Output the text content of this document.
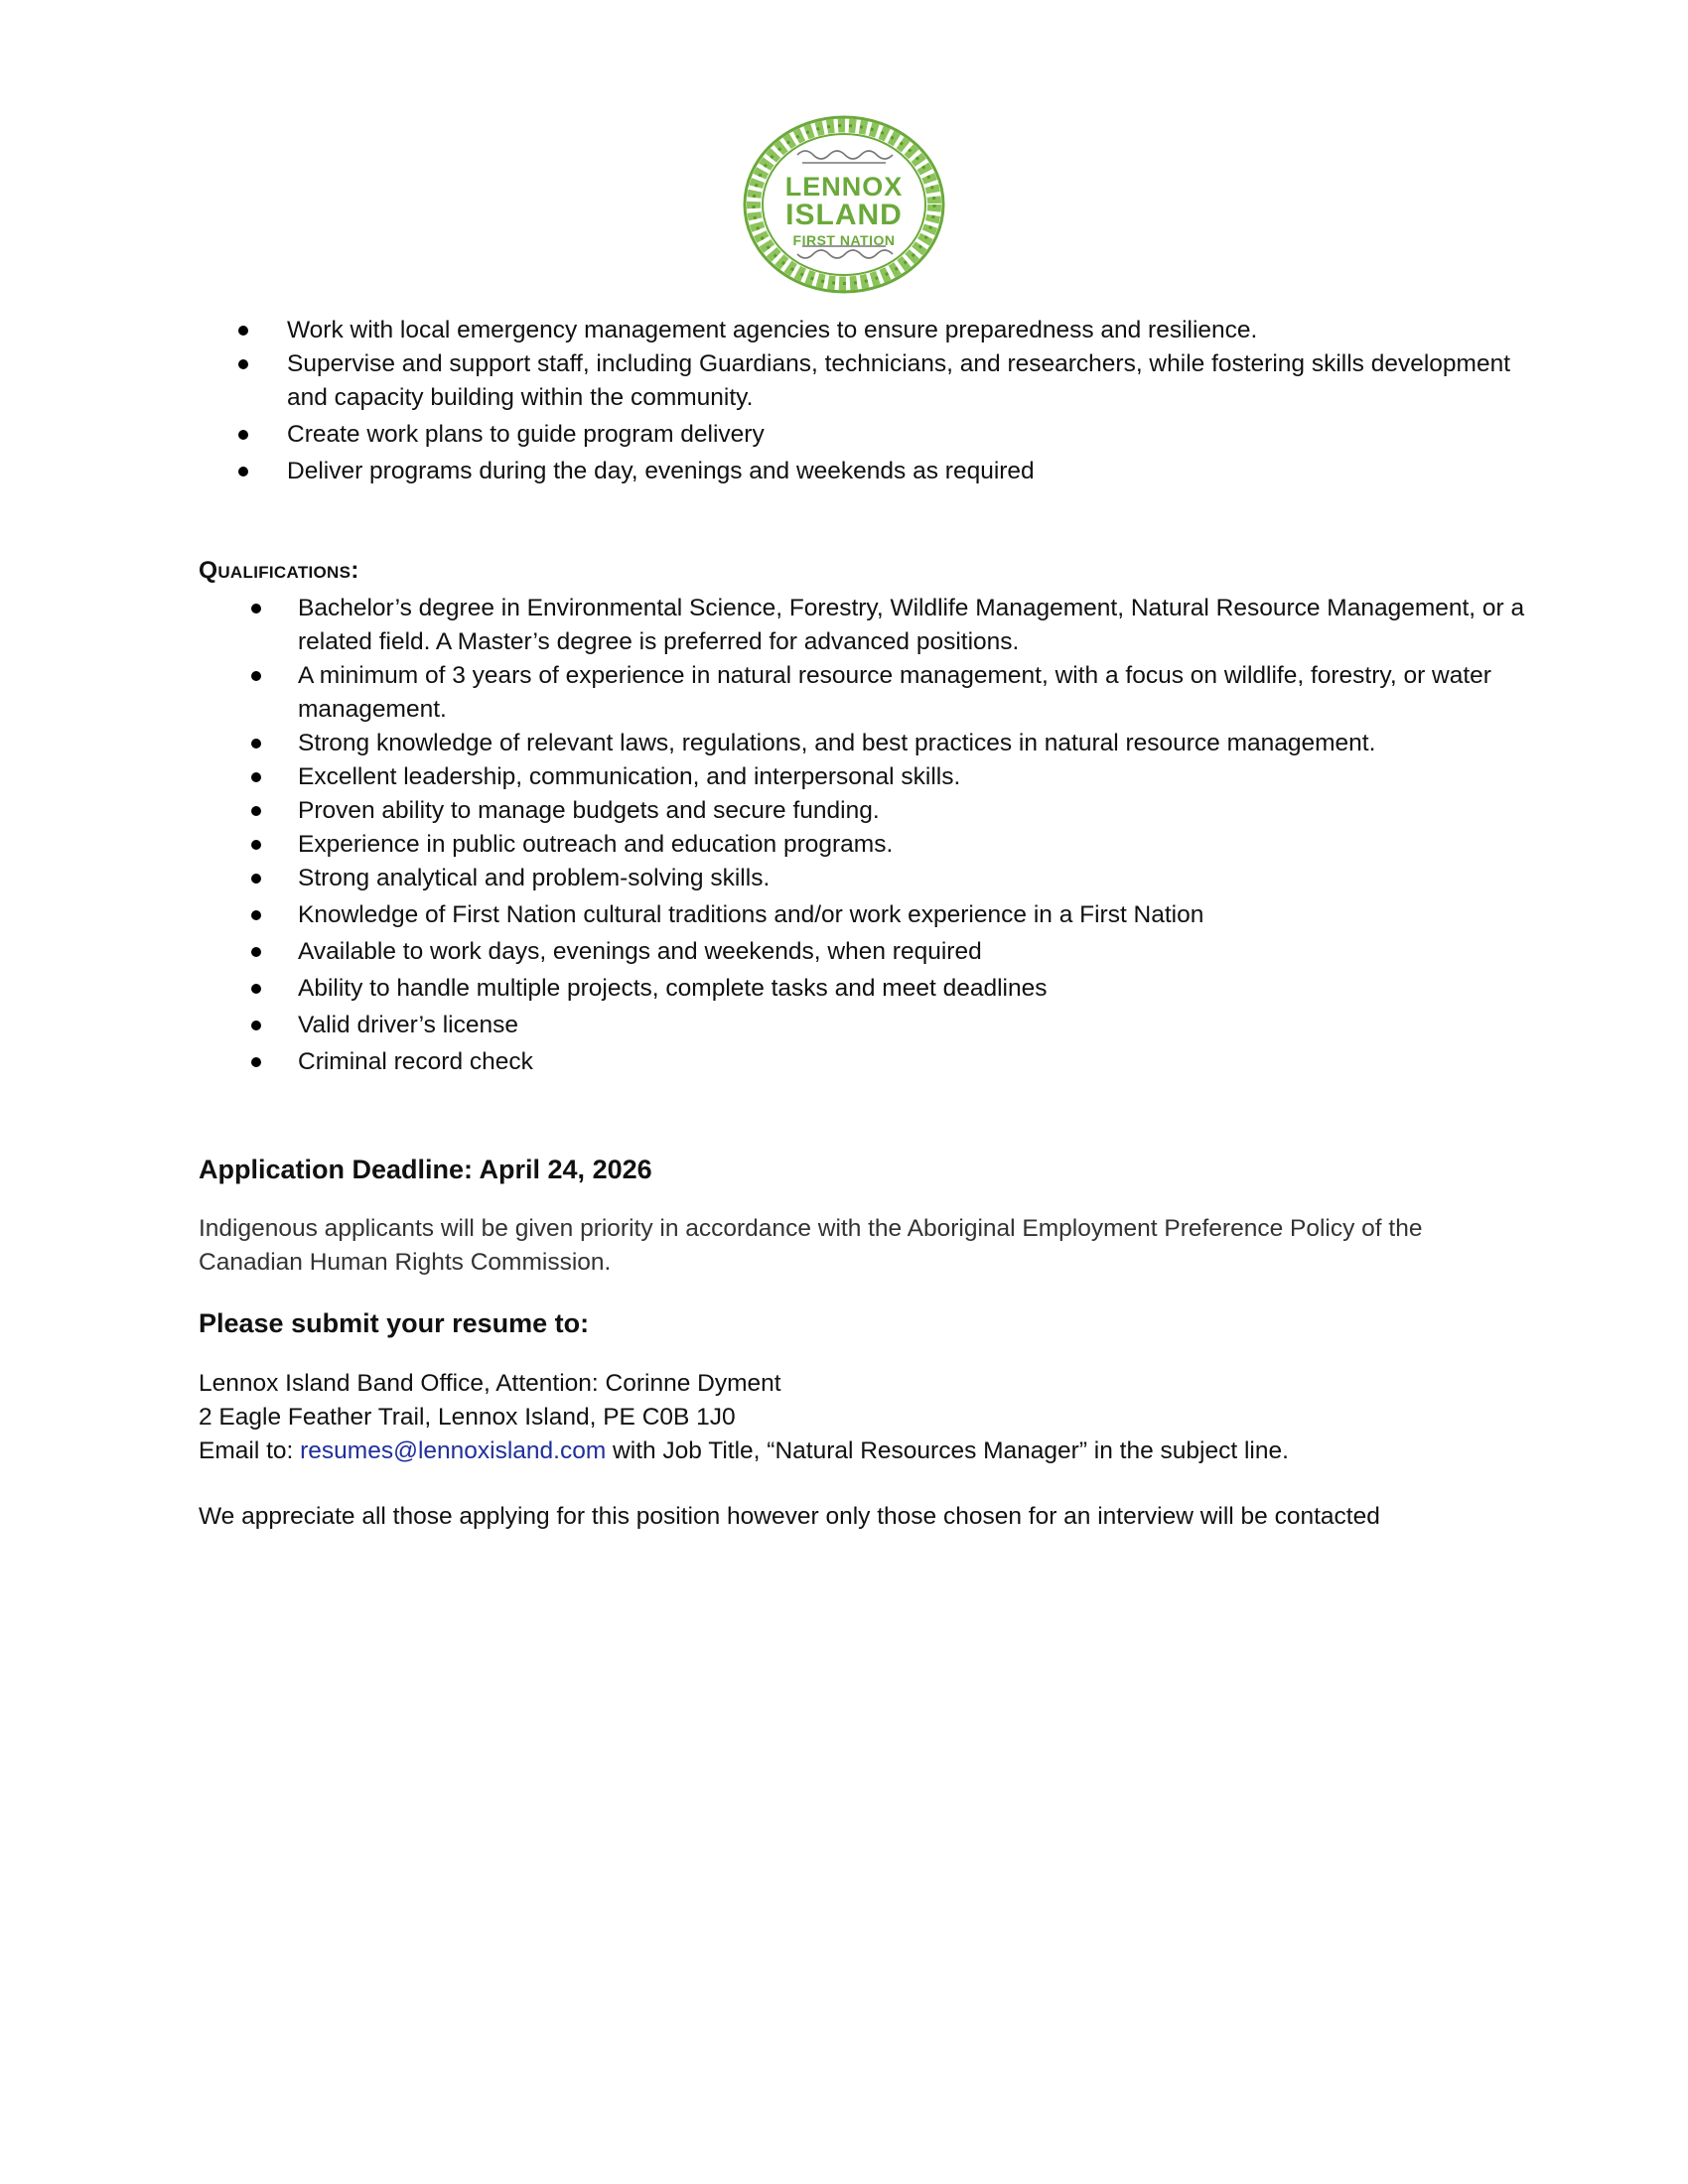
LENNOX
ISLAND
FIRST NATION
Work with local emergency management agencies to ensure preparedness and resilience.
Supervise and support staff, including Guardians, technicians, and researchers, while fostering skills development and capacity building within the community.
Create work plans to guide program delivery
Deliver programs during the day, evenings and weekends as required
Qualifications:
Bachelor’s degree in Environmental Science, Forestry, Wildlife Management, Natural Resource Management, or a related field. A Master’s degree is preferred for advanced positions.
A minimum of 3 years of experience in natural resource management, with a focus on wildlife, forestry, or water management.
Strong knowledge of relevant laws, regulations, and best practices in natural resource management.
Excellent leadership, communication, and interpersonal skills.
Proven ability to manage budgets and secure funding.
Experience in public outreach and education programs.
Strong analytical and problem-solving skills.
Knowledge of First Nation cultural traditions and/or work experience in a First Nation
Available to work days, evenings and weekends, when required
Ability to handle multiple projects, complete tasks and meet deadlines
Valid driver’s license
Criminal record check
Application Deadline: April 24, 2026
Indigenous applicants will be given priority in accordance with the Aboriginal Employment Preference Policy of the Canadian Human Rights Commission.
Please submit your resume to:
Lennox Island Band Office, Attention: Corinne Dyment
2 Eagle Feather Trail, Lennox Island, PE C0B 1J0
Email to: resumes@lennoxisland.com with Job Title, “Natural Resources Manager” in the subject line.
We appreciate all those applying for this position however only those chosen for an interview will be contacted
